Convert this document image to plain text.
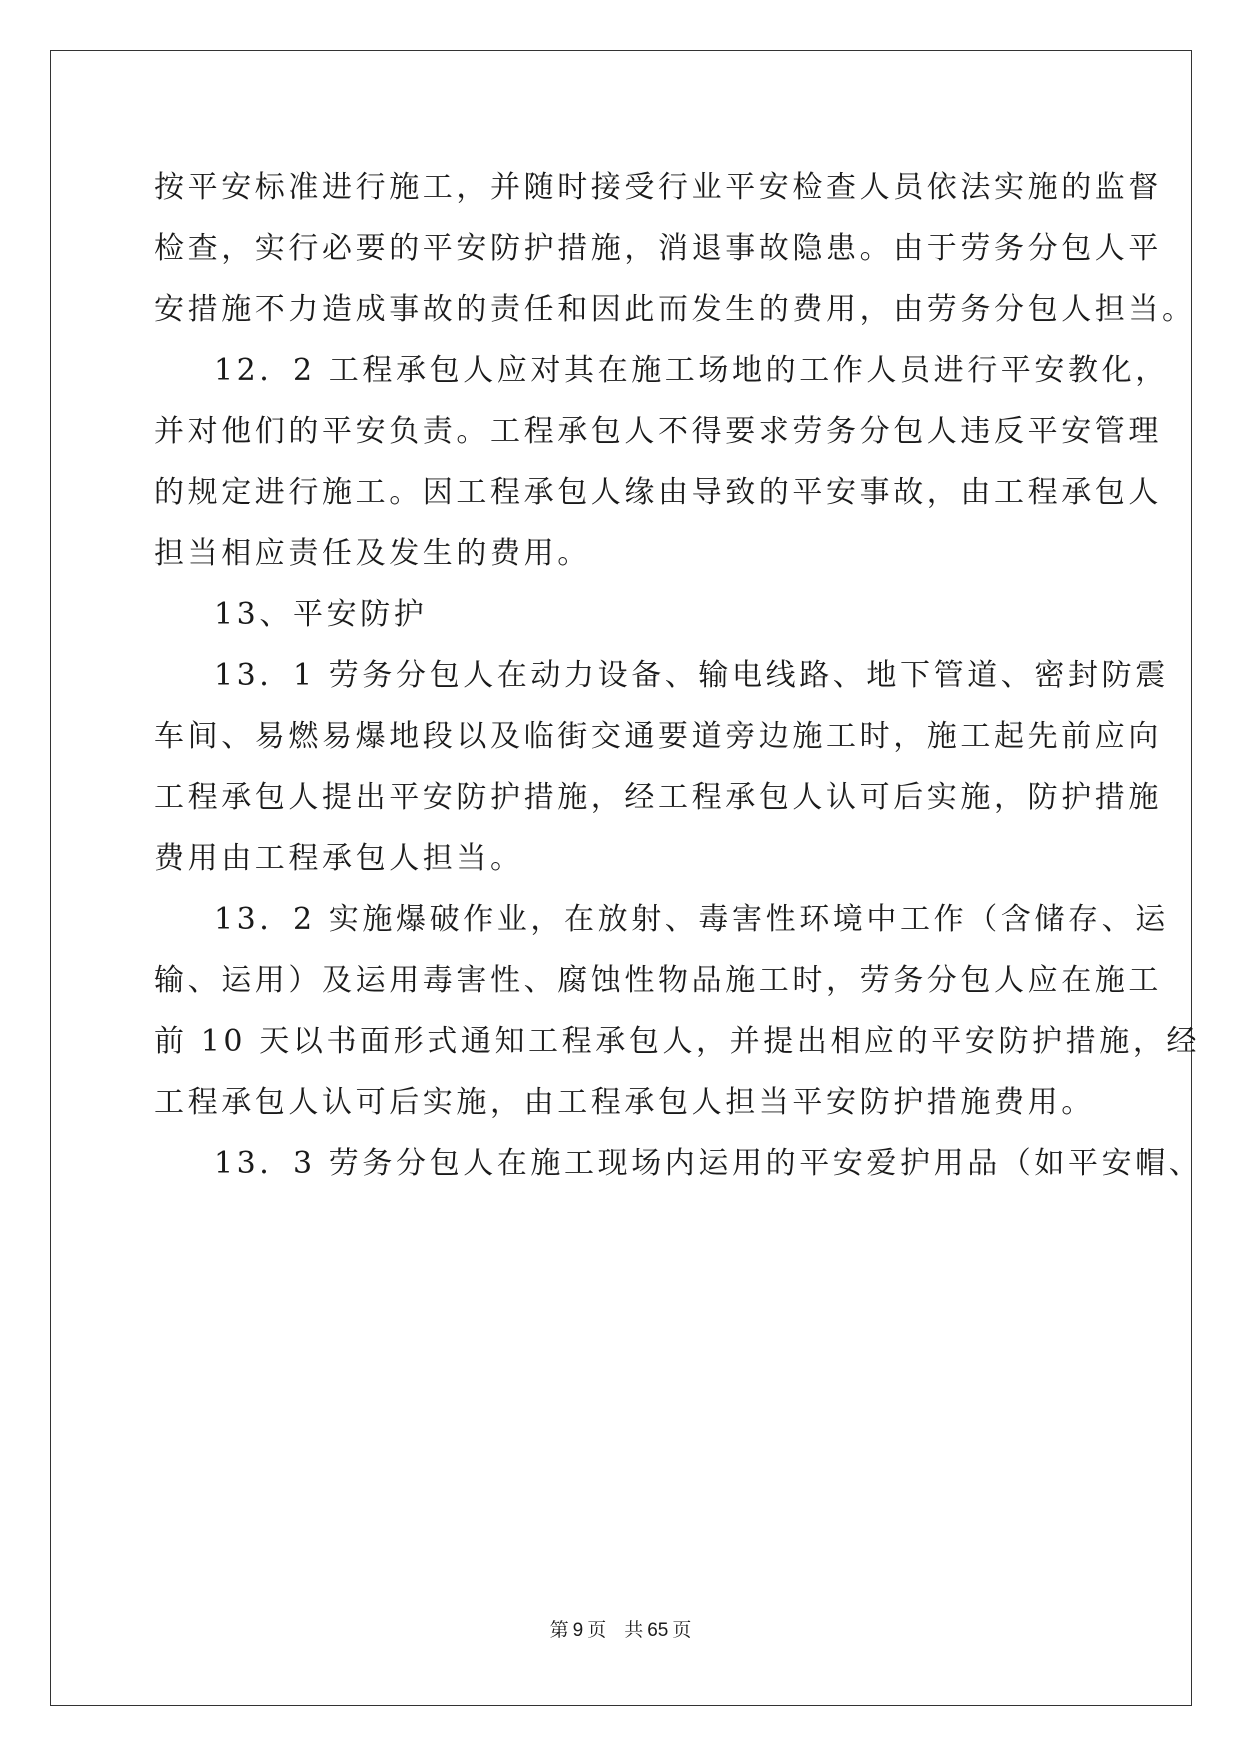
按平安标准进行施工，并随时接受行业平安检查人员依法实施的监督
检查，实行必要的平安防护措施，消退事故隐患。由于劳务分包人平
安措施不力造成事故的责任和因此而发生的费用，由劳务分包人担当。
12．2 工程承包人应对其在施工场地的工作人员进行平安教化，
并对他们的平安负责。工程承包人不得要求劳务分包人违反平安管理
的规定进行施工。因工程承包人缘由导致的平安事故，由工程承包人
担当相应责任及发生的费用。
13、平安防护
13．1 劳务分包人在动力设备、输电线路、地下管道、密封防震
车间、易燃易爆地段以及临街交通要道旁边施工时，施工起先前应向
工程承包人提出平安防护措施，经工程承包人认可后实施，防护措施
费用由工程承包人担当。
13．2 实施爆破作业，在放射、毒害性环境中工作（含储存、运
输、运用）及运用毒害性、腐蚀性物品施工时，劳务分包人应在施工
前 10 天以书面形式通知工程承包人，并提出相应的平安防护措施，经
工程承包人认可后实施，由工程承包人担当平安防护措施费用。
13．3 劳务分包人在施工现场内运用的平安爱护用品（如平安帽、
第 9 页 共 65 页
